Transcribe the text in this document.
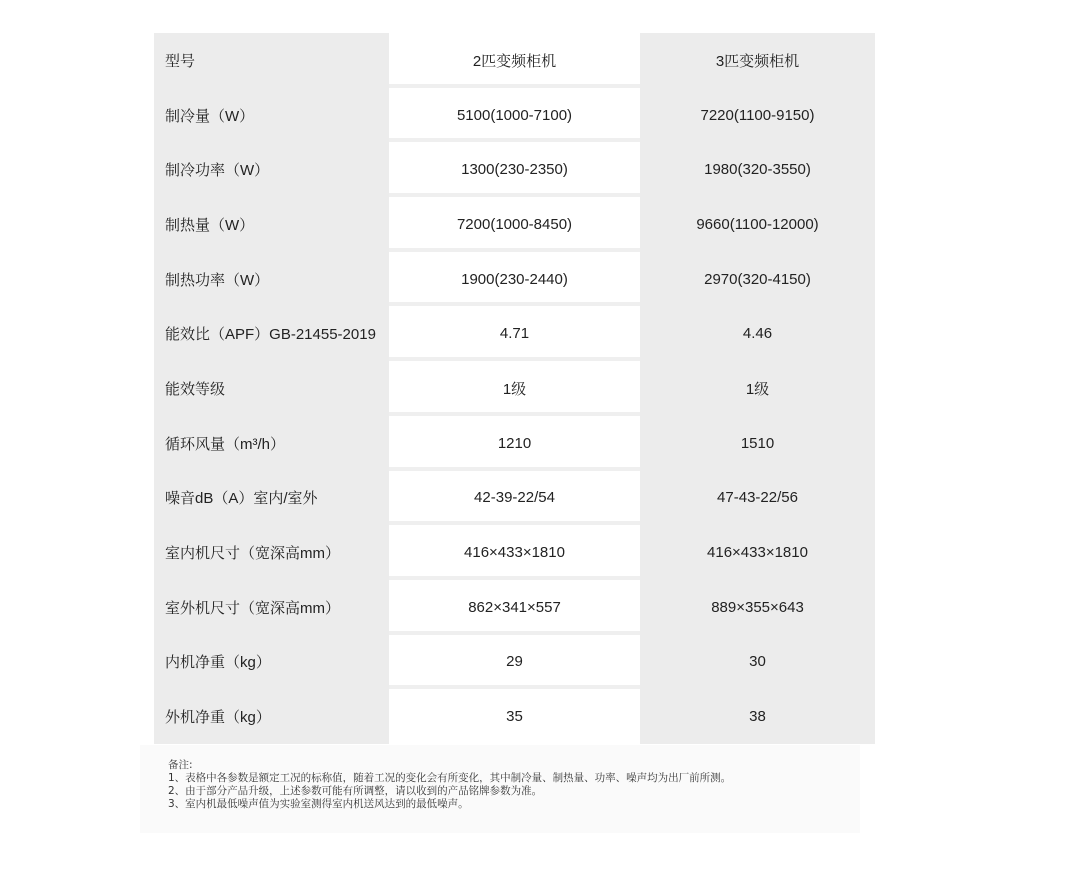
型号	2匹变频柜机	3匹变频柜机
制冷量（W）	5100(1000-7100)	7220(1100-9150)
制冷功率（W）	1300(230-2350)	1980(320-3550)
制热量（W）	7200(1000-8450)	9660(1100-12000)
制热功率（W）	1900(230-2440)	2970(320-4150)
能效比（APF）GB-21455-2019	4.71	4.46
能效等级	1级	1级
循环风量（m³/h）	1210	1510
噪音dB（A）室内/室外	42-39-22/54	47-43-22/56
室内机尺寸（宽深高mm）	416×433×1810	416×433×1810
室外机尺寸（宽深高mm）	862×341×557	889×355×643
内机净重（kg）	29	30
外机净重（kg）	35	38
备注:
1、表格中各参数是额定工况的标称值，随着工况的变化会有所变化，其中制冷量、制热量、功率、噪声均为出厂前所测。
2、由于部分产品升级，上述参数可能有所调整，请以收到的产品铭牌参数为准。
3、室内机最低噪声值为实验室测得室内机送风达到的最低噪声。
